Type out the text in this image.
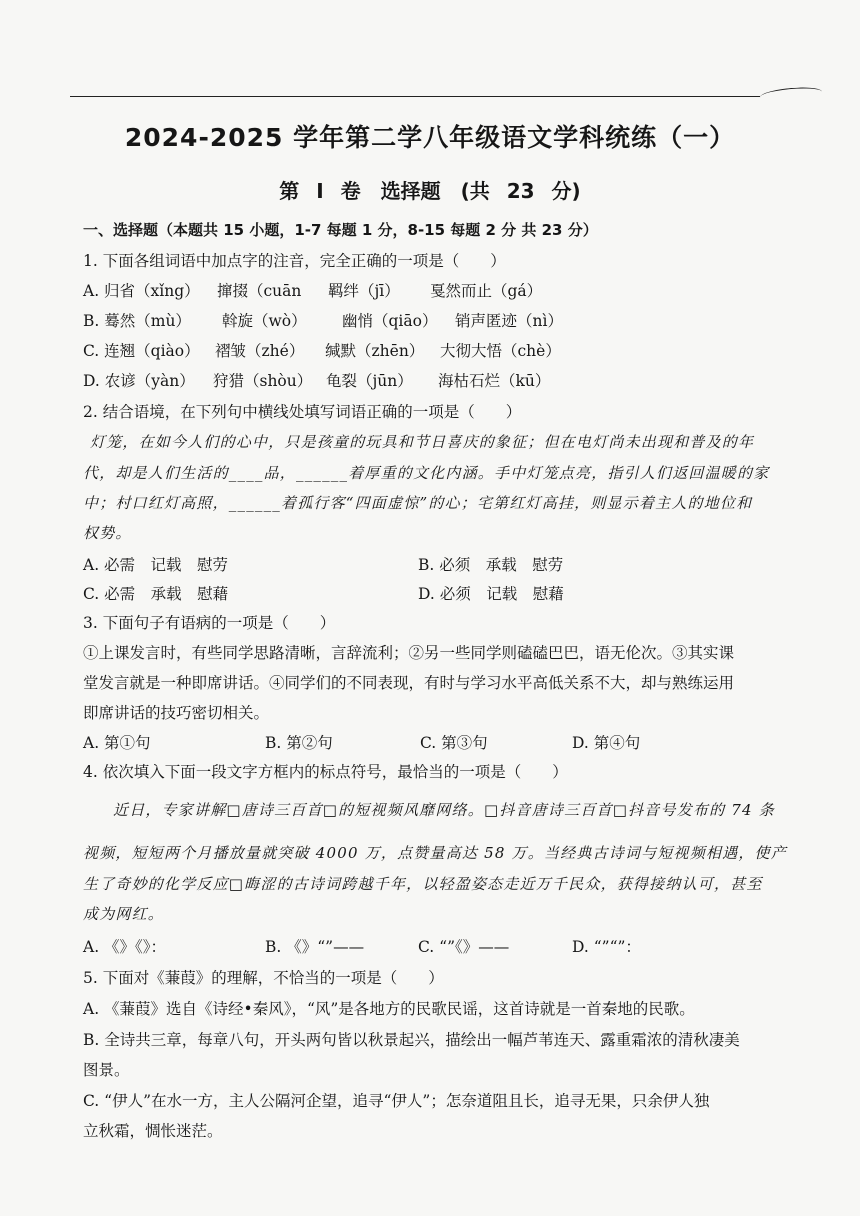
2024-2025 学年第二学八年级语文学科统练（一）
第 I 卷　选择题　(共 23 分)
一、选择题（本题共 15 小题，1-7 每题 1 分，8-15 每题 2 分 共 23 分）
1. 下面各组词语中加点字的注音，完全正确的一项是（　　）
A. 归省（xǐng） 撺掇（cuān 羁绊（jī） 戛然而止（gá）
B. 蓦然（mù） 斡旋（wò） 幽悄（qiāo） 销声匿迹（nì）
C. 连翘（qiào） 褶皱（zhé） 缄默（zhēn） 大彻大悟（chè）
D. 农谚（yàn） 狩猎（shòu） 龟裂（jūn） 海枯石烂（kū）
2. 结合语境，在下列句中横线处填写词语正确的一项是（　　）
灯笼，在如今人们的心中，只是孩童的玩具和节日喜庆的象征；但在电灯尚未出现和普及的年
代，却是人们生活的____品，______着厚重的文化内涵。手中灯笼点亮，指引人们返回温暖的家
中；村口红灯高照，______着孤行客“四面虚惊”的心；宅第红灯高挂，则显示着主人的地位和
权势。
A. 必需　记载　慰劳	B. 必须　承载　慰劳
C. 必需　承载　慰藉	D. 必须　记载　慰藉
3. 下面句子有语病的一项是（　　）
①上课发言时，有些同学思路清晰，言辞流利；②另一些同学则磕磕巴巴，语无伦次。③其实课
堂发言就是一种即席讲话。④同学们的不同表现，有时与学习水平高低关系不大，却与熟练运用
即席讲话的技巧密切相关。
A. 第①句	B. 第②句	C. 第③句	D. 第④句
4. 依次填入下面一段文字方框内的标点符号，最恰当的一项是（　　）
近日，专家讲解□唐诗三百首□的短视频风靡网络。□抖音唐诗三百首□抖音号发布的 74 条
视频，短短两个月播放量就突破 4000 万，点赞量高达 58 万。当经典古诗词与短视频相遇，使产
生了奇妙的化学反应□晦涩的古诗词跨越千年，以轻盈姿态走近万千民众，获得接纳认可，甚至
成为网红。
A. 《》《》：	B. 《》“”——	C. “”《》——	D. “”“”：
5. 下面对《蒹葭》的理解，不恰当的一项是（　　）
A. 《蒹葭》选自《诗经•秦风》，“风”是各地方的民歌民谣，这首诗就是一首秦地的民歌。
B. 全诗共三章，每章八句，开头两句皆以秋景起兴，描绘出一幅芦苇连天、露重霜浓的清秋凄美
图景。
C. “伊人”在水一方，主人公隔河企望，追寻“伊人”；怎奈道阻且长，追寻无果，只余伊人独
立秋霜，惆怅迷茫。
